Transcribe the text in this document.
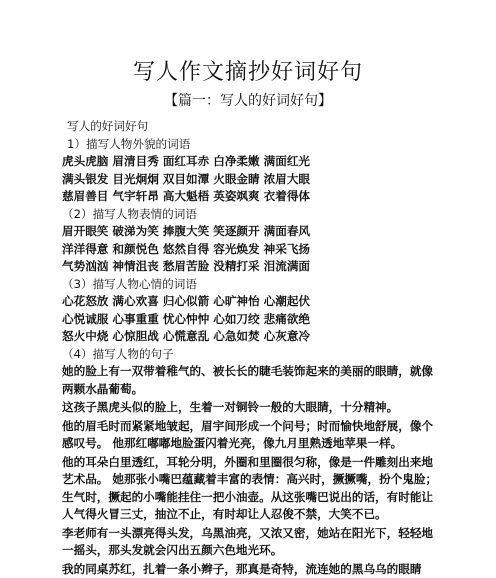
写人作文摘抄好词好句
【篇一：写人的好词好句】
写人的好词好句
1）描写人物外貌的词语
虎头虎脑 眉清目秀 面红耳赤 白净柔嫩 满面红光
满头银发 目光炯炯 双目如潭 火眼金睛 浓眉大眼
慈眉善目 气宇轩昂 高大魁梧 英姿飒爽 衣着得体
（2）描写人物表情的词语
眉开眼笑 破涕为笑 捧腹大笑 笑逐颜开 满面春风
洋洋得意 和颜悦色 悠然自得 容光焕发 神采飞扬
气势汹汹 神情沮丧 愁眉苦脸 没精打采 泪流满面
（3）描写人物心情的词语
心花怒放 满心欢喜 归心似箭 心旷神怡 心潮起伏
心悦诚服 心事重重 忧心忡忡 心如刀绞 悲痛欲绝
怒火中烧 心惊胆战 心慌意乱 心急如焚 心灰意冷
（4）描写人物的句子
她的脸上有一双带着稚气的、被长长的睫毛装饰起来的美丽的眼睛，就像两颗水晶葡萄。
这孩子黑虎头似的脸上，生着一对铜铃一般的大眼睛，十分精神。
他的眉毛时而紧紧地皱起，眉宇间形成一个问号；时而愉快地舒展，像个感叹号。 他那红嘟嘟地脸蛋闪着光亮，像九月里熟透地苹果一样。
他的耳朵白里透红，耳轮分明，外圈和里圈很匀称，像是一件雕刻出来地艺术品。 她那张小嘴巴蕴藏着丰富的表情：高兴时，撅撅嘴，扮个鬼脸；生气时，撅起的小嘴能挂住一把小油壶。从这张嘴巴说出的话，有时能让人气得火冒三丈，抽泣不止，有时却让人忍俊不禁，大笑不已。
李老师有一头漂亮得头发，乌黑油亮，又浓又密，她站在阳光下，轻轻地一摇头，那头发就会闪出五颜六色地光环。
我的同桌苏红，扎着一条小辫子，那真是奇特，流连她的黑乌乌的眼睛
